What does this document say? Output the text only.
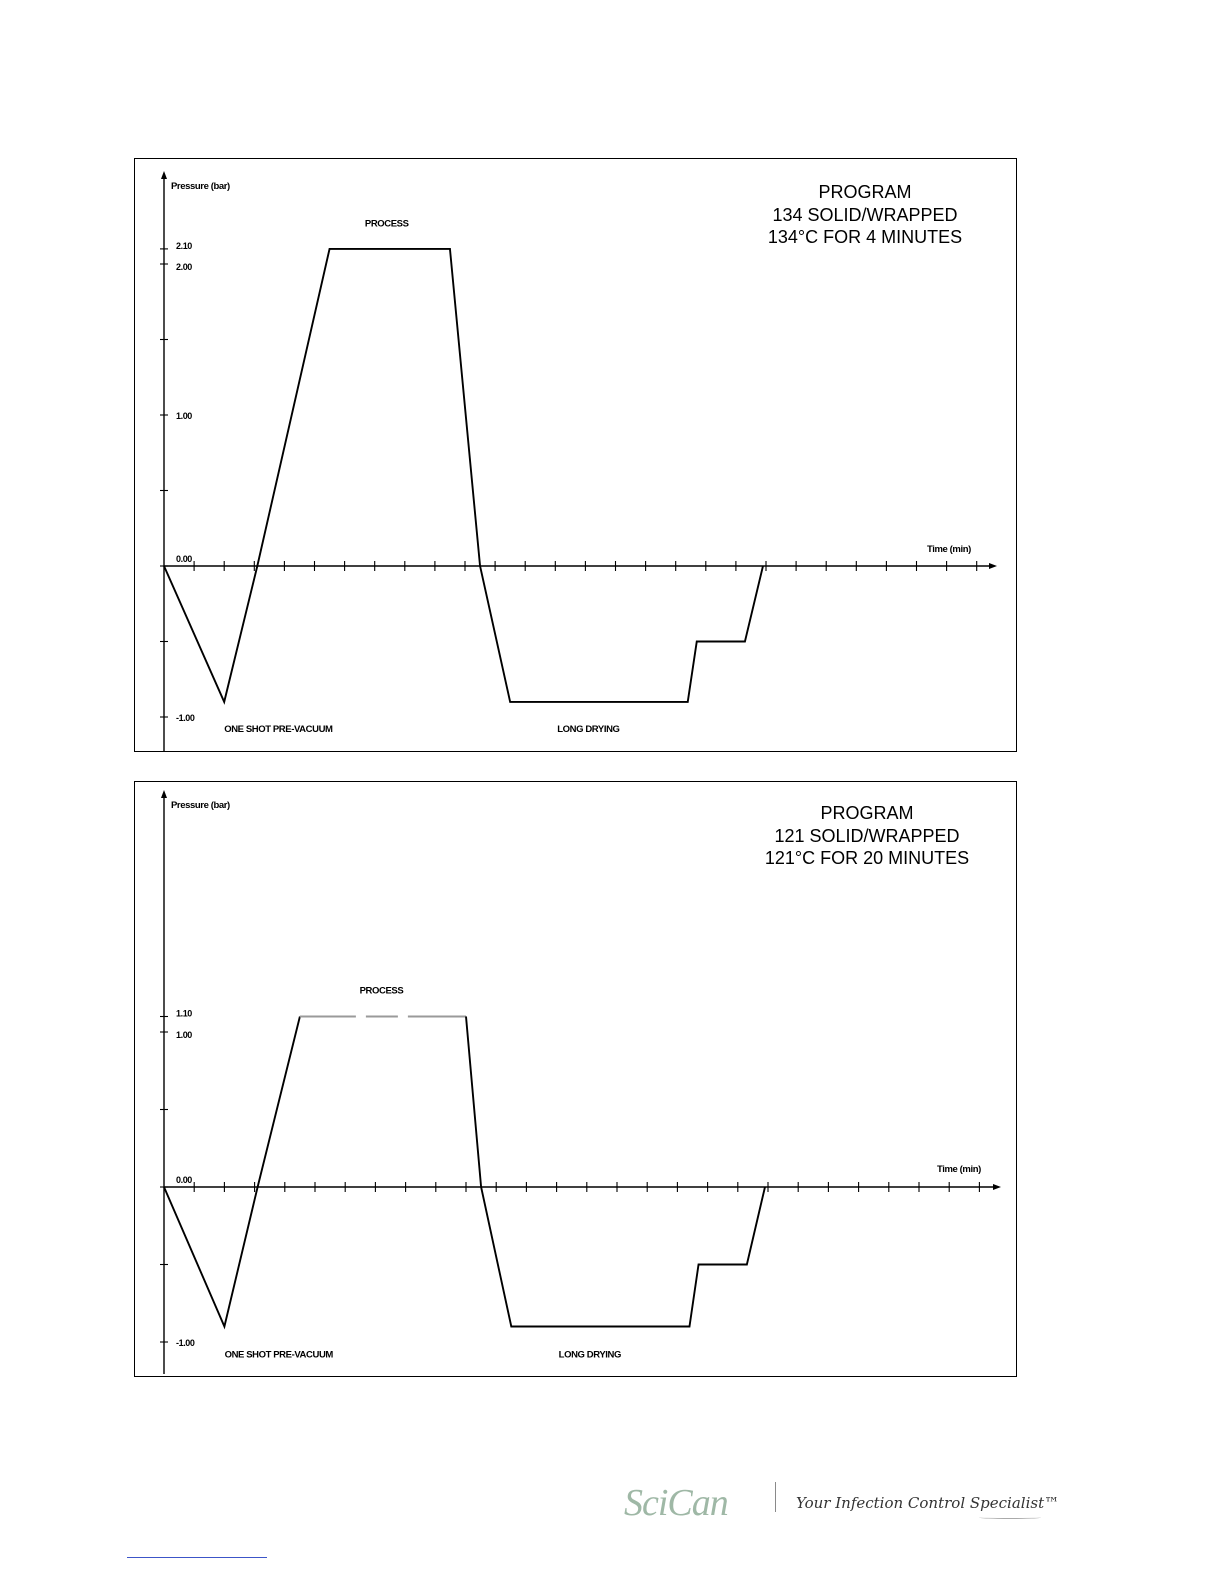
Pressure (bar)
Time (min)
2.10
2.00
1.00
0.00
-1.00
PROCESS
ONE SHOT PRE-VACUUM	LONG DRYING
PROGRAM
134 SOLID/WRAPPED
134°C FOR 4 MINUTES
Pressure (bar)
Time (min)
1.10
1.00
0.00
-1.00
PROCESS
ONE SHOT PRE-VACUUM	LONG DRYING
PROGRAM
121 SOLID/WRAPPED
121°C FOR 20 MINUTES
SciCan	Your Infection Control Specialist™
